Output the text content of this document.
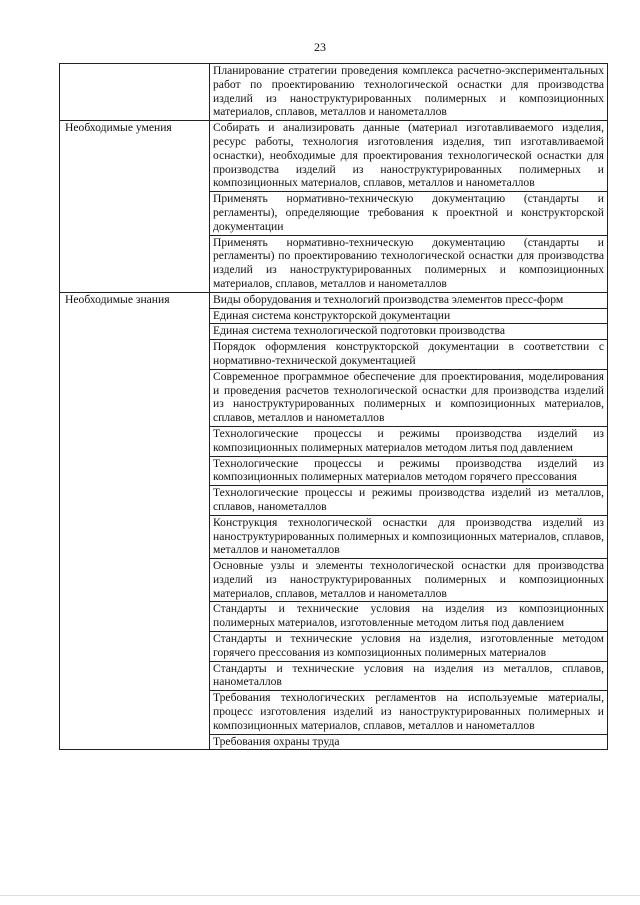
23
	Планирование стратегии проведения комплекса расчетно-экспериментальных работ по проектированию технологической оснастки для производства изделий из наноструктурированных полимерных и композиционных материалов, сплавов, металлов и нанометаллов
Необходимые умения	Собирать и анализировать данные (материал изготавливаемого изделия, ресурс работы, технология изготовления изделия, тип изготавливаемой оснастки), необходимые для проектирования технологической оснастки для производства изделий из наноструктурированных полимерных и композиционных материалов, сплавов, металлов и нанометаллов
	Применять нормативно-техническую документацию (стандарты и регламенты), определяющие требования к проектной и конструкторской документации
	Применять нормативно-техническую документацию (стандарты и регламенты) по проектированию технологической оснастки для производства изделий из наноструктурированных полимерных и композиционных материалов, сплавов, металлов и нанометаллов
Необходимые знания	Виды оборудования и технологий производства элементов пресс-форм
	Единая система конструкторской документации
	Единая система технологической подготовки производства
	Порядок оформления конструкторской документации в соответствии с нормативно-технической документацией
	Современное программное обеспечение для проектирования, моделирования и проведения расчетов технологической оснастки для производства изделий из наноструктурированных полимерных и композиционных материалов, сплавов, металлов и нанометаллов
	Технологические процессы и режимы производства изделий из композиционных полимерных материалов методом литья под давлением
	Технологические процессы и режимы производства изделий из композиционных полимерных материалов методом горячего прессования
	Технологические процессы и режимы производства изделий из металлов, сплавов, нанометаллов
	Конструкция технологической оснастки для производства изделий из наноструктурированных полимерных и композиционных материалов, сплавов, металлов и нанометаллов
	Основные узлы и элементы технологической оснастки для производства изделий из наноструктурированных полимерных и композиционных материалов, сплавов, металлов и нанометаллов
	Стандарты и технические условия на изделия из композиционных полимерных материалов, изготовленные методом литья под давлением
	Стандарты и технические условия на изделия, изготовленные методом горячего прессования из композиционных полимерных материалов
	Стандарты и технические условия на изделия из металлов, сплавов, нанометаллов
	Требования технологических регламентов на используемые материалы, процесс изготовления изделий из наноструктурированных полимерных и композиционных материалов, сплавов, металлов и нанометаллов
	Требования охраны труда
